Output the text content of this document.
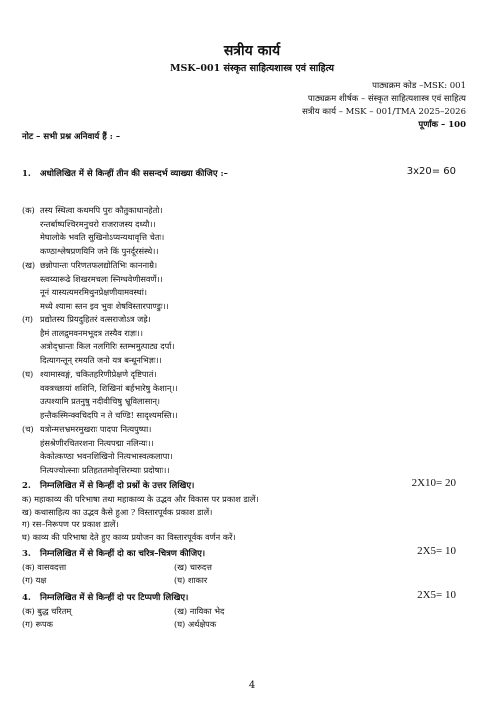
सत्रीय कार्य
MSK–001 संस्कृत साहित्यशास्त्र एवं साहित्य
पाठ्यक्रम कोड –MSK: 001
पाठ्यक्रम शीर्षक – संस्कृत साहित्यशास्त्र एवं साहित्य
सत्रीय कार्य – MSK – 001/TMA 2025–2026
पूर्णांक – 100
नोट – सभी प्रश्न अनिवार्य हैं : –
1. अधोलिखित में से किन्हीं तीन की ससन्दर्भ व्याख्या कीजिए :–	3x20= 60
(क) तस्य स्थित्वा कथमपि पुरः कौतुकाधानहेतो।
रन्तर्बाष्पश्चिरमनुचरो राजराजस्य दध्यौ।।
मेघालोके भवति सुखिनोऽप्यन्यथावृत्ति चेतः।
कण्ठाश्लेषप्रणयिनि जने किं पुनर्दूरसंस्थे।।
(ख) छन्नोपान्तः परिणतफलद्योतिभिः काननाम्रै।
स्त्वय्यारूढे शिखरमचलः स्निग्धवेणीसवर्णे।।
नूनं यास्यत्यमरमिथुनप्रेक्षणीयामवस्थां।
मध्ये श्यामः स्तन इव भुवः शेषविस्तारपाण्डुः।।
(ग) प्रद्योतस्य प्रियदुहितरं वत्सराजोऽत्र जह्रे।
हैमं तालद्रुमवनमभूदत्र तस्यैव राज्ञः।।
अत्रोद्भ्रान्तः किल नलगिरिः स्तम्भमुत्पाट्य दर्पा।
दित्यागन्तून् रमयति जनो यत्र बन्धूनभिज्ञः।।
(घ) श्यामास्वङ्गं, चकितहरिणीप्रेक्षणे दृष्टिपातं।
वक्त्रच्छायां शशिनि, शिखिनां बर्हभारेषु केशान्।।
उत्पश्यामि प्रतनुषु नदीवीचिषु भ्रूविलासान्।
हन्तैकस्मिन्क्वचिदपि न ते चण्डि! सादृश्यमस्ति।।
(च) यत्रोन्मत्तभ्रमरमुखराः पादपा नित्यपुष्पा।
हंसश्रेणीरचितरशना नित्यपद्मा नलिन्यः।।
केकोत्कण्ठा भवनशिखिनो नित्यभास्वत्कलापा।
नित्यज्योत्स्नाः प्रतिहततमोवृत्तिरम्याः प्रदोषाः।।
2. निम्नलिखित में से किन्हीं दो प्रश्नों के उत्तर लिखिए।	2X10= 20
क) महाकाव्य की परिभाषा तथा महाकाव्य के उद्भव और विकास पर प्रकाश डालें।
ख) कथासाहित्य का उद्भव कैसे हुआ ? विस्तारपूर्वक प्रकाश डालें।
ग) रस–निरूपण पर प्रकाश डालें।
घ) काव्य की परिभाषा देते हुए काव्य प्रयोजन का विस्तारपूर्वक वर्णन करें।
3. निम्नलिखित में से किन्हीं दो का चरित्र–चित्रण कीजिए।	2X5= 10
(क) वासवदत्ता	(ख) चारुदत्त
(ग) यक्ष	(घ) शाकार
4. निम्नलिखित में से किन्हीं दो पर टिप्पणी लिखिए।	2X5= 10
(क) बुद्ध चरितम्	(ख) नायिका भेद
(ग) रूपक	(घ) अर्थक्षेपक
4
